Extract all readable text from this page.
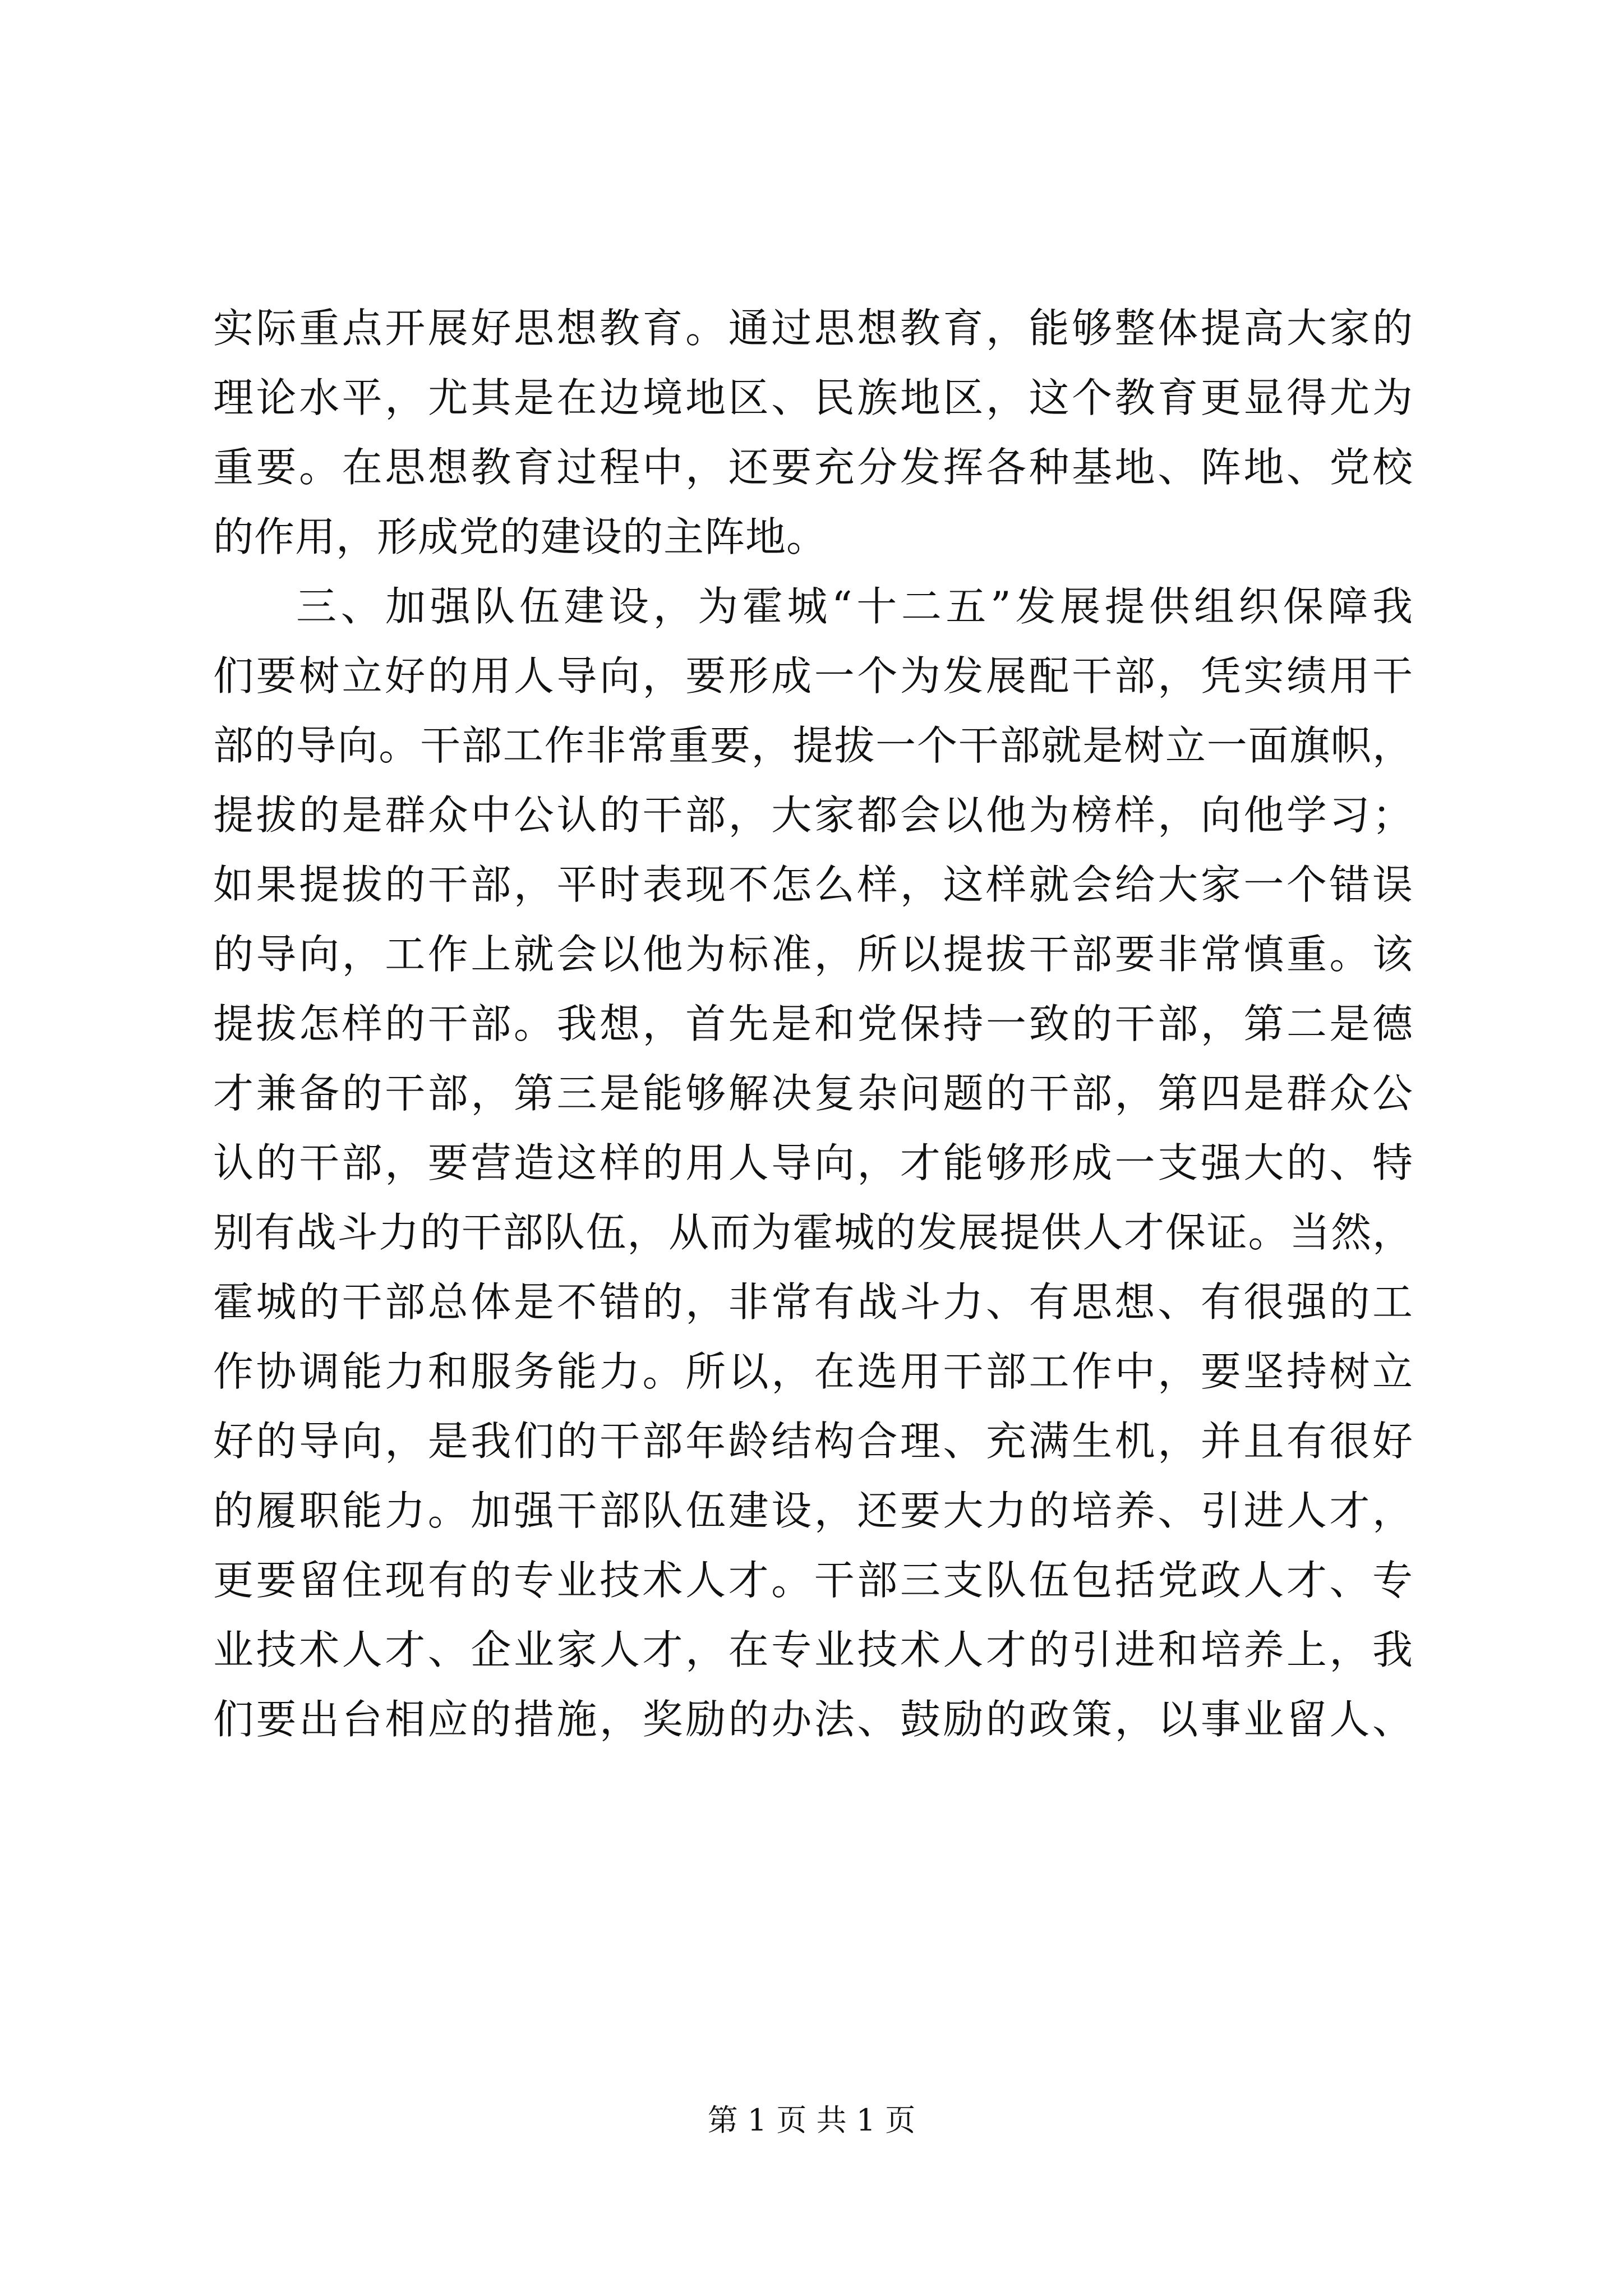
实际重点开展好思想教育。通过思想教育，能够整体提高大家的
理论水平，尤其是在边境地区、民族地区，这个教育更显得尤为
重要。在思想教育过程中，还要充分发挥各种基地、阵地、党校
的作用，形成党的建设的主阵地。
三、加强队伍建设，为霍城“十二五”发展提供组织保障我
们要树立好的用人导向，要形成一个为发展配干部，凭实绩用干
部的导向。干部工作非常重要，提拔一个干部就是树立一面旗帜，
提拔的是群众中公认的干部，大家都会以他为榜样，向他学习；
如果提拔的干部，平时表现不怎么样，这样就会给大家一个错误
的导向，工作上就会以他为标准，所以提拔干部要非常慎重。该
提拔怎样的干部。我想，首先是和党保持一致的干部，第二是德
才兼备的干部，第三是能够解决复杂问题的干部，第四是群众公
认的干部，要营造这样的用人导向，才能够形成一支强大的、特
别有战斗力的干部队伍，从而为霍城的发展提供人才保证。当然，
霍城的干部总体是不错的，非常有战斗力、有思想、有很强的工
作协调能力和服务能力。所以，在选用干部工作中，要坚持树立
好的导向，是我们的干部年龄结构合理、充满生机，并且有很好
的履职能力。加强干部队伍建设，还要大力的培养、引进人才，
更要留住现有的专业技术人才。干部三支队伍包括党政人才、专
业技术人才、企业家人才，在专业技术人才的引进和培养上，我
们要出台相应的措施，奖励的办法、鼓励的政策，以事业留人、
第 1 页 共 1 页
